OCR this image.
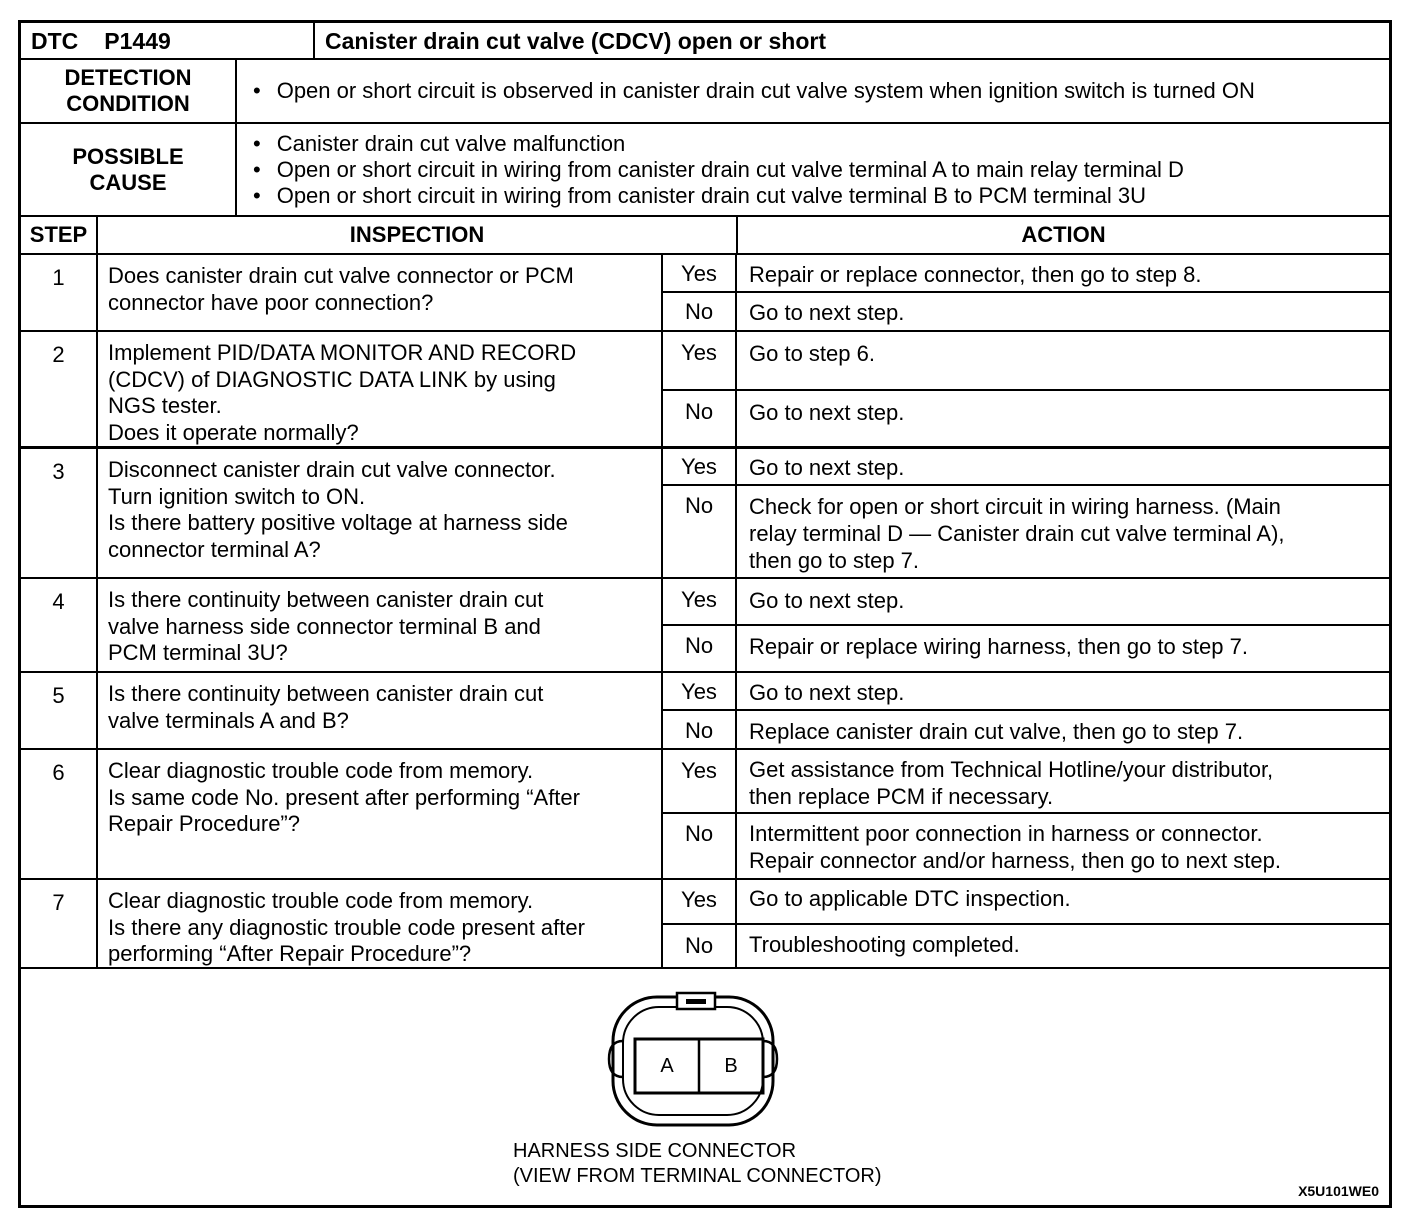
DTC P1449	Canister drain cut valve (CDCV) open or short
DETECTION
CONDITION
• Open or short circuit is observed in canister drain cut valve system when ignition switch is turned ON
POSSIBLE
CAUSE
• Canister drain cut valve malfunction
• Open or short circuit in wiring from canister drain cut valve terminal A to main relay terminal D
• Open or short circuit in wiring from canister drain cut valve terminal B to PCM terminal 3U
STEP	INSPECTION	ACTION
1	Does canister drain cut valve connector or PCM
connector have poor connection?
Yes	Repair or replace connector, then go to step 8.
No	Go to next step.
2	Implement PID/DATA MONITOR AND RECORD
(CDCV) of DIAGNOSTIC DATA LINK by using
NGS tester.
Does it operate normally?
Yes	Go to step 6.
No	Go to next step.
3	Disconnect canister drain cut valve connector.
Turn ignition switch to ON.
Is there battery positive voltage at harness side
connector terminal A?
Yes	Go to next step.
No	Check for open or short circuit in wiring harness. (Main
relay terminal D — Canister drain cut valve terminal A),
then go to step 7.
4	Is there continuity between canister drain cut
valve harness side connector terminal B and
PCM terminal 3U?
Yes	Go to next step.
No	Repair or replace wiring harness, then go to step 7.
5	Is there continuity between canister drain cut
valve terminals A and B?
Yes	Go to next step.
No	Replace canister drain cut valve, then go to step 7.
6	Clear diagnostic trouble code from memory.
Is same code No. present after performing “After
Repair Procedure”?
Yes	Get assistance from Technical Hotline/your distributor,
then replace PCM if necessary.
No	Intermittent poor connection in harness or connector.
Repair connector and/or harness, then go to next step.
7	Clear diagnostic trouble code from memory.
Is there any diagnostic trouble code present after
performing “After Repair Procedure”?
Yes	Go to applicable DTC inspection.
No	Troubleshooting completed.
A	B
HARNESS SIDE CONNECTOR
(VIEW FROM TERMINAL CONNECTOR)
X5U101WE0
